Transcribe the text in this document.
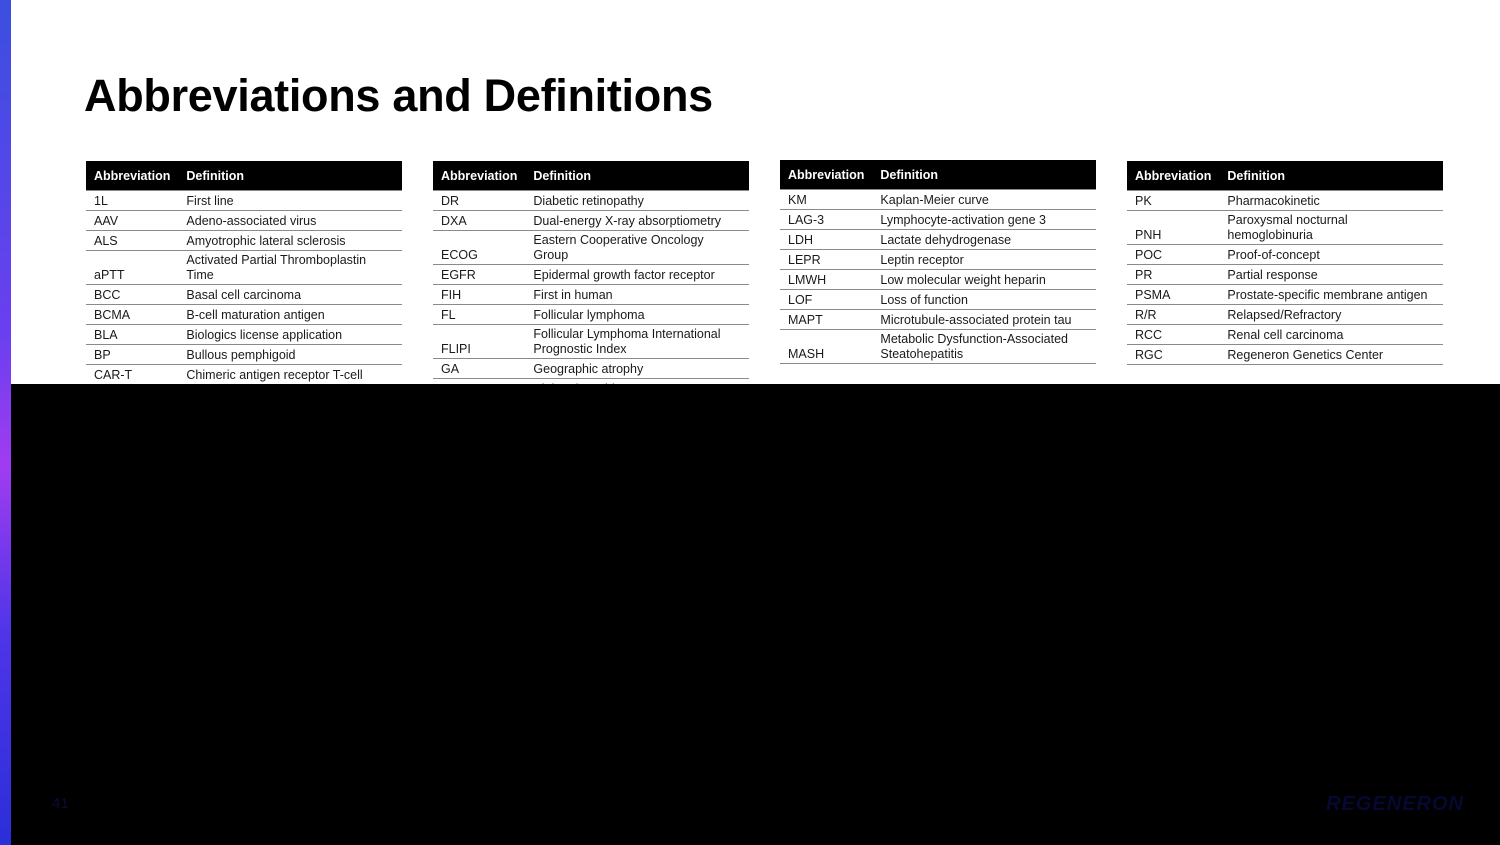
Abbreviations and Definitions
Abbreviation	Definition
1L	First line
AAV	Adeno-associated virus
ALS	Amyotrophic lateral sclerosis
aPTT	Activated Partial Thromboplastin Time
BCC	Basal cell carcinoma
BCMA	B-cell maturation antigen
BLA	Biologics license application
BP	Bullous pemphigoid
CAR-T	Chimeric antigen receptor T-cell

Abbreviation	Definition
DR	Diabetic retinopathy
DXA	Dual-energy X-ray absorptiometry
ECOG	Eastern Cooperative Oncology Group
EGFR	Epidermal growth factor receptor
FIH	First in human
FL	Follicular lymphoma
FLIPI	Follicular Lymphoma International Prognostic Index
GA	Geographic atrophy

Abbreviation	Definition
KM	Kaplan-Meier curve
LAG-3	Lymphocyte-activation gene 3
LDH	Lactate dehydrogenase
LEPR	Leptin receptor
LMWH	Low molecular weight heparin
LOF	Loss of function
MAPT	Microtubule-associated protein tau
MASH	Metabolic Dysfunction-Associated Steatohepatitis
Abbreviation	Definition
PK	Pharmacokinetic
PNH	Paroxysmal nocturnal hemoglobinuria
POC	Proof-of-concept
PR	Partial response
PSMA	Prostate-specific membrane antigen
R/R	Relapsed/Refractory
RCC	Renal cell carcinoma
RGC	Regeneron Genetics Center
41	REGENERON
